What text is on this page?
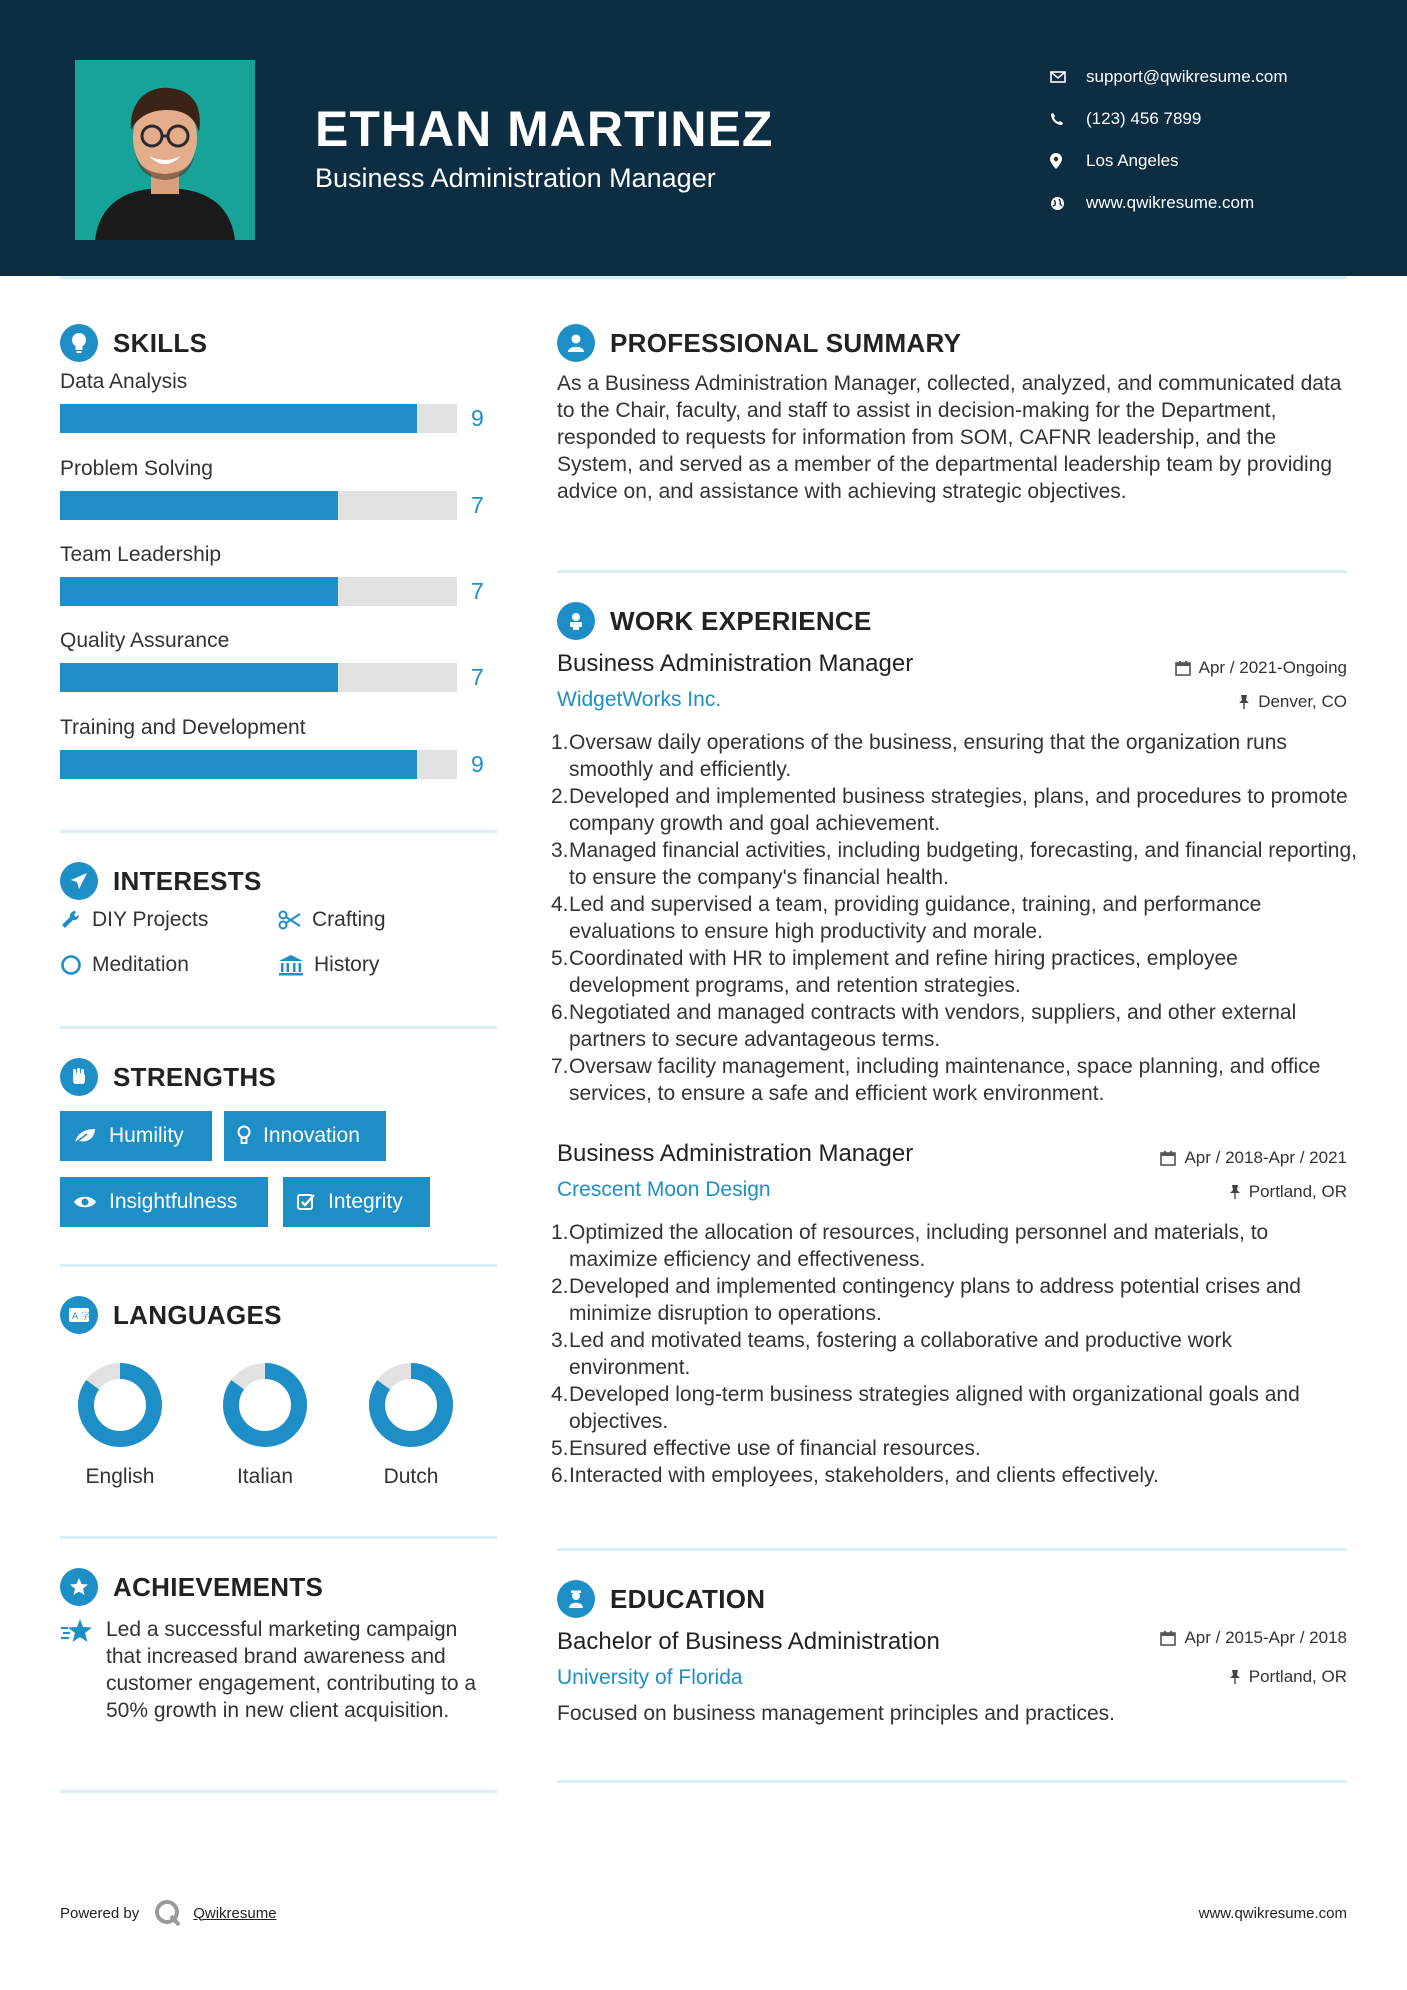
ETHAN MARTINEZ
Business Administration Manager
support@qwikresume.com
(123) 456 7899
Los Angeles
www.qwikresume.com
SKILLS
Data Analysis
9
Problem Solving
7
Team Leadership
7
Quality Assurance
7
Training and Development
9
INTERESTS
DIY Projects	Crafting
Meditation	History
STRENGTHS
Humility	Innovation
Insightfulness	Integrity
A 字 LANGUAGES
English	Italian	Dutch
ACHIEVEMENTS
Led a successful marketing campaign that increased brand awareness and customer engagement, contributing to a 50% growth in new client acquisition.
PROFESSIONAL SUMMARY
As a Business Administration Manager, collected, analyzed, and communicated data to the Chair, faculty, and staff to assist in decision-making for the Department, responded to requests for information from SOM, CAFNR leadership, and the System, and served as a member of the departmental leadership team by providing advice on, and assistance with achieving strategic objectives.
WORK EXPERIENCE
Business Administration Manager	Apr / 2021-Ongoing
WidgetWorks Inc.	Denver, CO
1. Oversaw daily operations of the business, ensuring that the organization runs smoothly and efficiently.
2. Developed and implemented business strategies, plans, and procedures to promote company growth and goal achievement.
3. Managed financial activities, including budgeting, forecasting, and financial reporting, to ensure the company's financial health.
4. Led and supervised a team, providing guidance, training, and performance evaluations to ensure high productivity and morale.
5. Coordinated with HR to implement and refine hiring practices, employee development programs, and retention strategies.
6. Negotiated and managed contracts with vendors, suppliers, and other external partners to secure advantageous terms.
7. Oversaw facility management, including maintenance, space planning, and office services, to ensure a safe and efficient work environment.
Business Administration Manager	Apr / 2018-Apr / 2021
Crescent Moon Design	Portland, OR
1. Optimized the allocation of resources, including personnel and materials, to maximize efficiency and effectiveness.
2. Developed and implemented contingency plans to address potential crises and minimize disruption to operations.
3. Led and motivated teams, fostering a collaborative and productive work environment.
4. Developed long-term business strategies aligned with organizational goals and objectives.
5. Ensured effective use of financial resources.
6. Interacted with employees, stakeholders, and clients effectively.
EDUCATION
Bachelor of Business Administration	Apr / 2015-Apr / 2018
University of Florida	Portland, OR
Focused on business management principles and practices.
Powered by	Qwikresume	www.qwikresume.com
